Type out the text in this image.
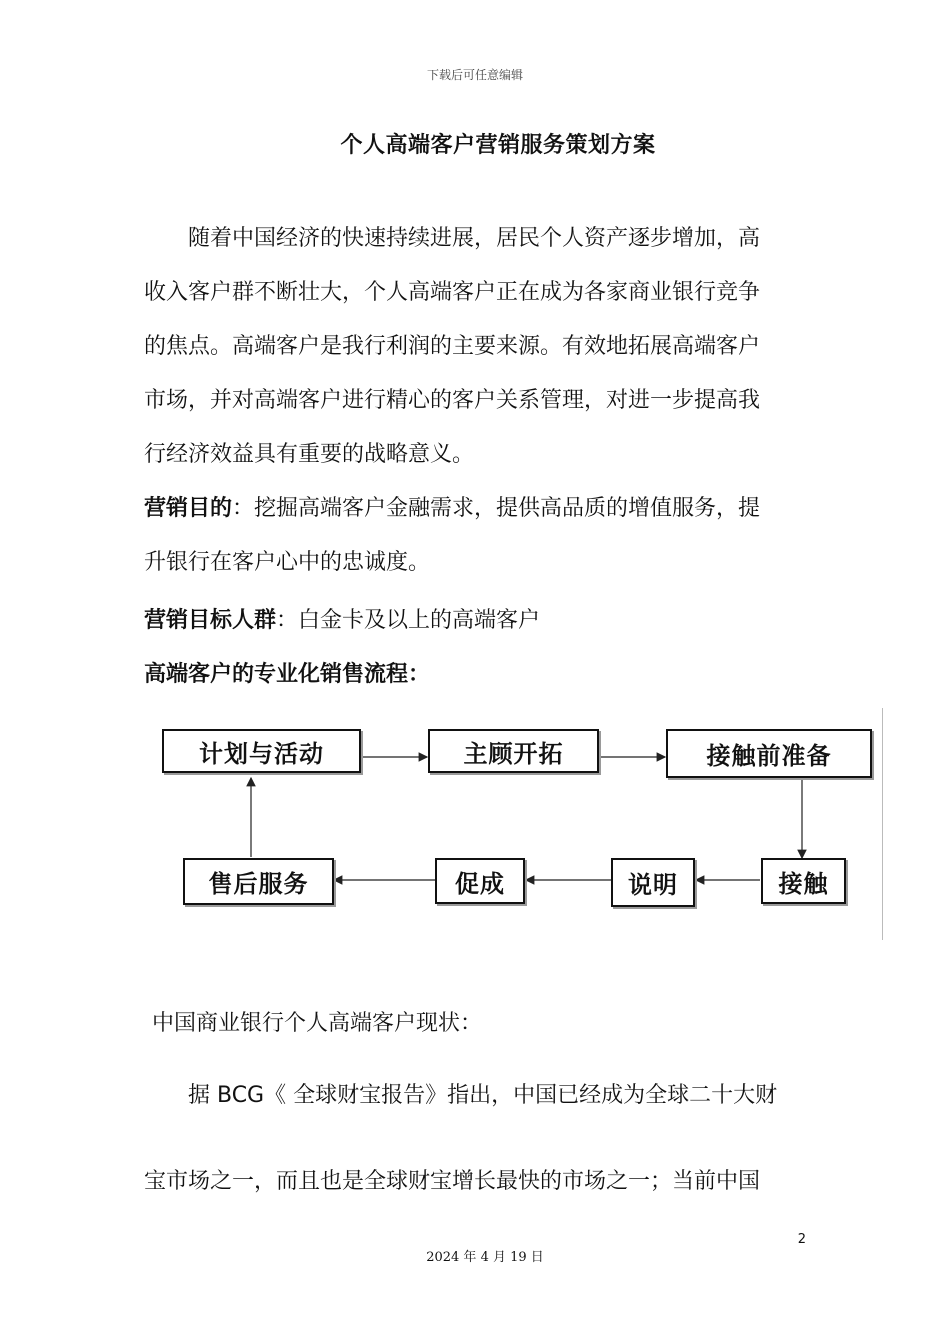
下载后可任意编辑
个人高端客户营销服务策划方案

随着中国经济的快速持续进展，居民个人资产逐步增加，高

收入客户群不断壮大，个人高端客户正在成为各家商业银行竞争

的焦点。高端客户是我行利润的主要来源。有效地拓展高端客户

市场，并对高端客户进行精心的客户关系管理，对进一步提高我

行经济效益具有重要的战略意义。

营销目的：挖掘高端客户金融需求，提供高品质的增值服务，提

升银行在客户心中的忠诚度。

营销目标人群：白金卡及以上的高端客户
高端客户的专业化销售流程：
计划与活动	主顾开拓	接触前准备
接触
说明
促成
售后服务
中国商业银行个人高端客户现状：
据 BCG《 全球财宝报告》指出，中国已经成为全球二十大财
宝市场之一，而且也是全球财宝增长最快的市场之一；当前中国
2
2024 年 4 月 19 日
